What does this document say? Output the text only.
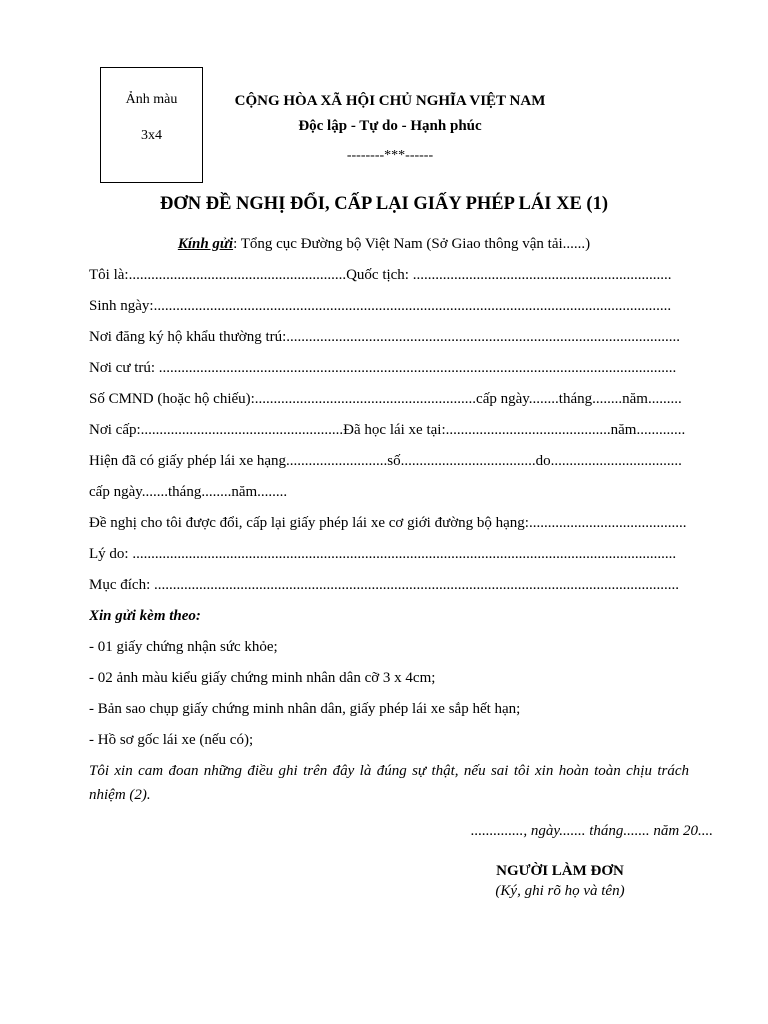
Ảnh màu
3x4
CỘNG HÒA XÃ HỘI CHỦ NGHĨA VIỆT NAM
Độc lập - Tự do - Hạnh phúc
--------***------
ĐƠN ĐỀ NGHỊ ĐỔI, CẤP LẠI GIẤY PHÉP LÁI XE (1)
Kính gửi: Tổng cục Đường bộ Việt Nam (Sở Giao thông vận tải......)
Tôi là:..........................................................Quốc tịch: .....................................................................
Sinh ngày:..........................................................................................................................................
Nơi đăng ký hộ khẩu thường trú:.........................................................................................................
Nơi cư trú: ..........................................................................................................................................
Số CMND (hoặc hộ chiếu):...........................................................cấp ngày........tháng........năm.........
Nơi cấp:......................................................Đã học lái xe tại:............................................năm.............
Hiện đã có giấy phép lái xe hạng...........................số....................................do...................................
cấp ngày.......tháng........năm........
Đề nghị cho tôi được đổi, cấp lại giấy phép lái xe cơ giới đường bộ hạng:..........................................
Lý do: .................................................................................................................................................
Mục đích: ............................................................................................................................................
Xin gửi kèm theo:
- 01 giấy chứng nhận sức khỏe;
- 02 ảnh màu kiểu giấy chứng minh nhân dân cỡ 3 x 4cm;
- Bản sao chụp giấy chứng minh nhân dân, giấy phép lái xe sắp hết hạn;
- Hồ sơ gốc lái xe (nếu có);
Tôi xin cam đoan những điều ghi trên đây là đúng sự thật, nếu sai tôi xin hoàn toàn chịu trách nhiệm (2).
.............., ngày....... tháng....... năm 20....
NGƯỜI LÀM ĐƠN
(Ký, ghi rõ họ và tên)
